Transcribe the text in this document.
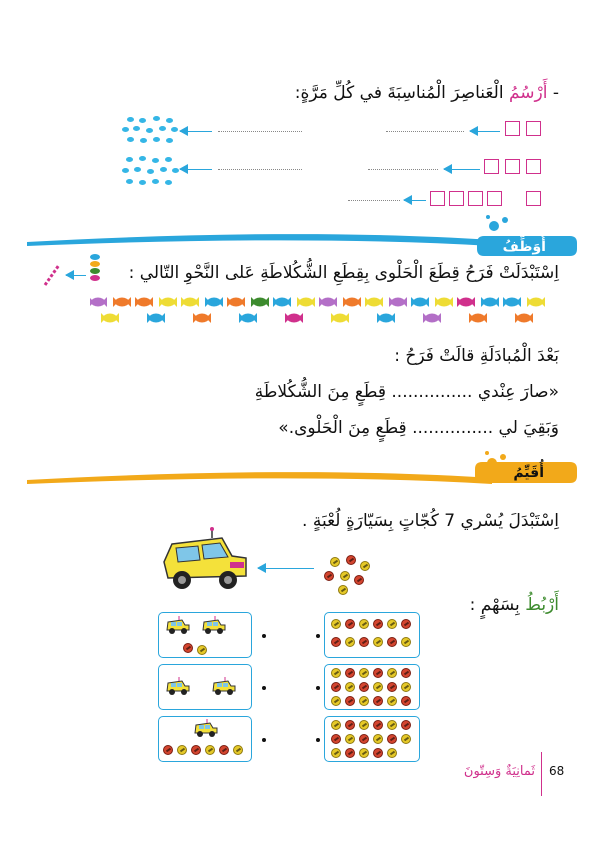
- أَرْسُمُ الْعَناصِرَ الْمُناسِبَةَ في كُلِّ مَرَّةٍ:
أُوَظِّفُ
اِسْتَبْدَلَتْ فَرَحُ قِطَعَ الْحَلْوى بِقِطَعِ الشُّكُلاطَةِ عَلى النَّحْوِ التّالي :
بَعْدَ الْمُبادَلَةِ قالَتْ فَرَحُ :
«صارَ عِنْدي ............... قِطَعٍ مِنَ الشُّكُلاطَةِ
وَبَقِيَ لي ............... قِطَعٍ مِنَ الْحَلْوى.»
أُقَيِّمُ
اِسْتَبْدَلَ يُسْري 7 كُجّاتٍ بِسَيّارَةٍ لُعْبَةٍ .
أَرْبُطُ بِسَهْمٍ :
68
ثَمانِيَةٌ وَسِتّونَ
